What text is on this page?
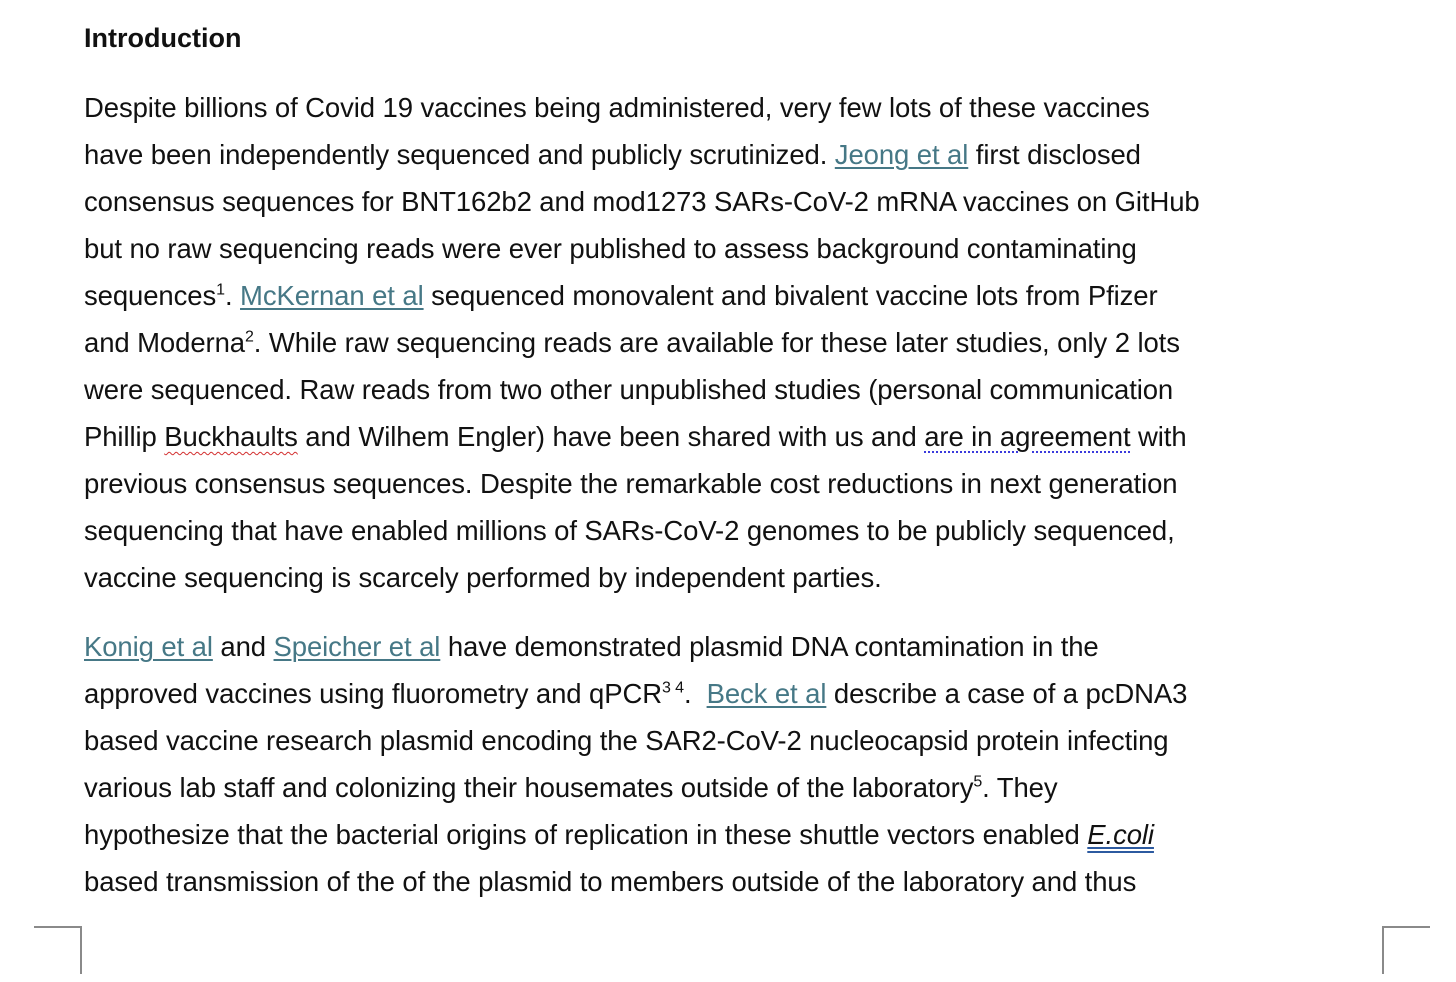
Introduction
Despite billions of Covid 19 vaccines being administered, very few lots of these vaccines
have been independently sequenced and publicly scrutinized. Jeong et al first disclosed
consensus sequences for BNT162b2 and mod1273 SARs-CoV-2 mRNA vaccines on GitHub
but no raw sequencing reads were ever published to assess background contaminating
sequences$^1$. McKernan et al sequenced monovalent and bivalent vaccine lots from Pfizer
and Moderna$^2$. While raw sequencing reads are available for these later studies, only 2 lots
were sequenced. Raw reads from two other unpublished studies (personal communication
Phillip Buckhaults and Wilhem Engler) have been shared with us and are in agreement with
previous consensus sequences. Despite the remarkable cost reductions in next generation
sequencing that have enabled millions of SARs-CoV-2 genomes to be publicly sequenced,
vaccine sequencing is scarcely performed by independent parties.
Konig et al and Speicher et al have demonstrated plasmid DNA contamination in the
approved vaccines using fluorometry and qPCR$^{3 4}$.  Beck et al describe a case of a pcDNA3
based vaccine research plasmid encoding the SAR2-CoV-2 nucleocapsid protein infecting
various lab staff and colonizing their housemates outside of the laboratory$^5$. They
hypothesize that the bacterial origins of replication in these shuttle vectors enabled E.coli
based transmission of the of the plasmid to members outside of the laboratory and thus
